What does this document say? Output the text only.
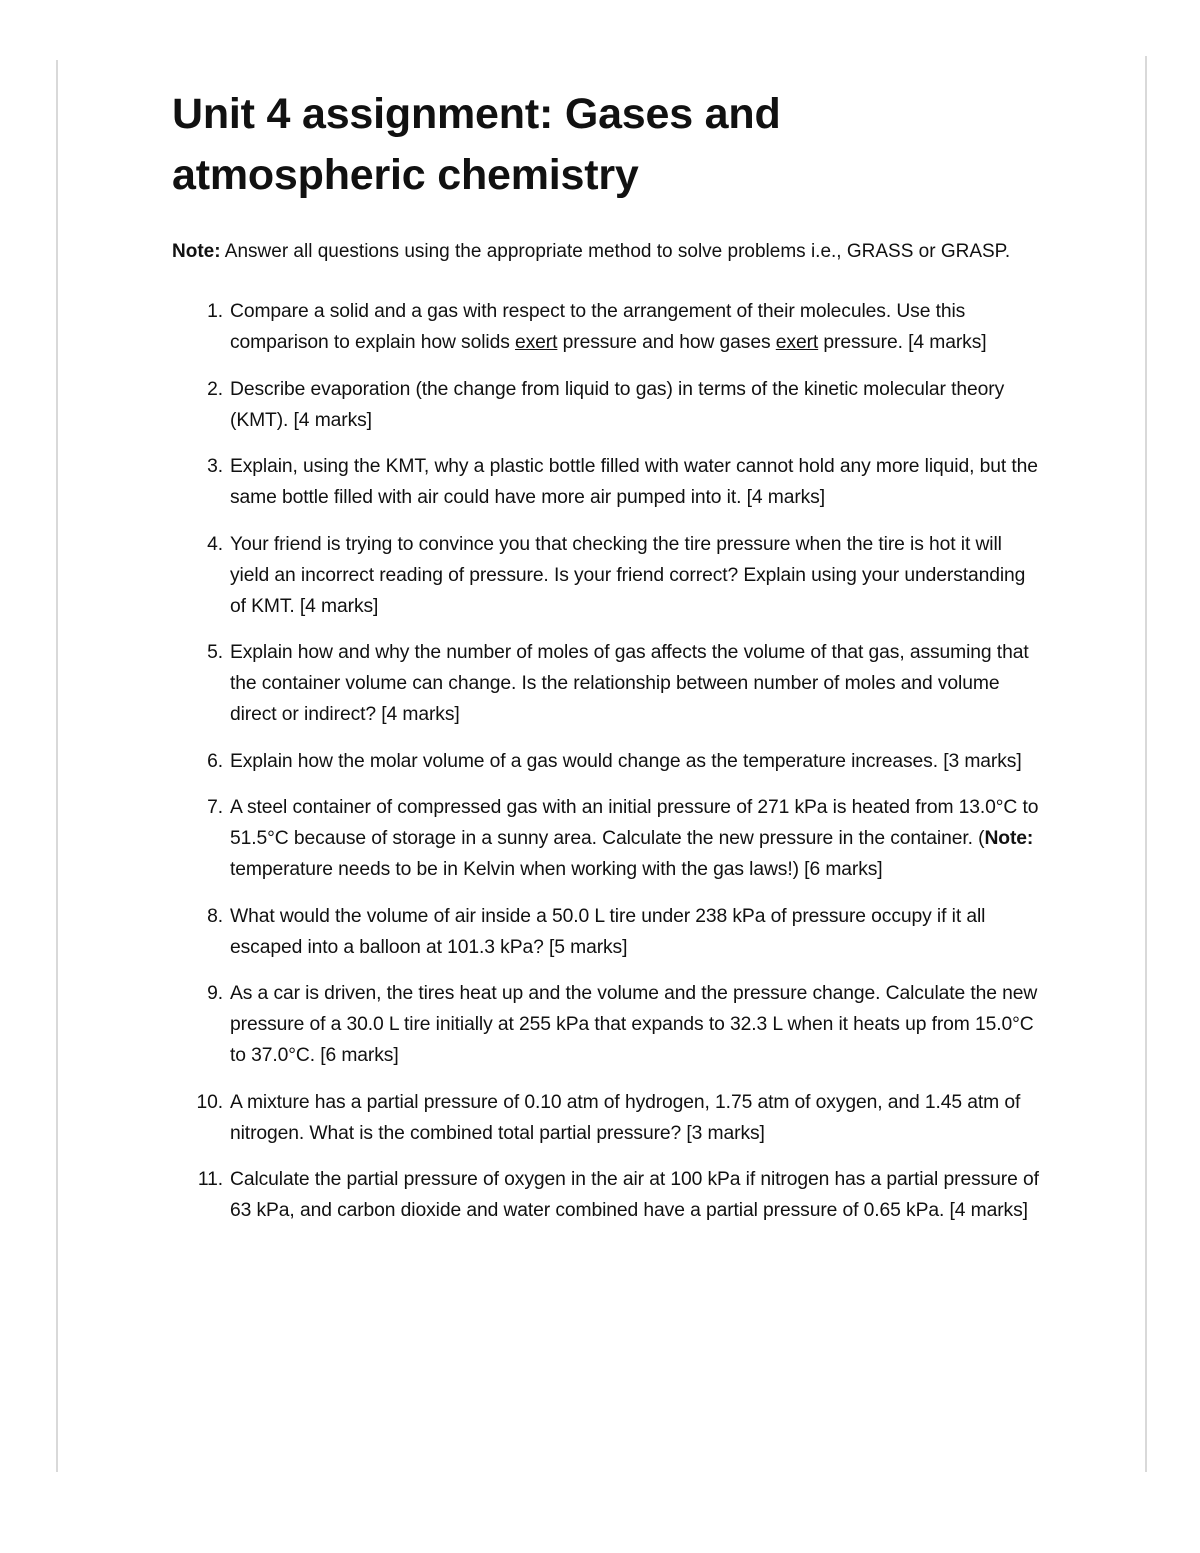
Unit 4 assignment: Gases and atmospheric chemistry

Note: Answer all questions using the appropriate method to solve problems i.e., GRASS or GRASP.

1. Compare a solid and a gas with respect to the arrangement of their molecules. Use this comparison to explain how solids exert pressure and how gases exert pressure. [4 marks]
2. Describe evaporation (the change from liquid to gas) in terms of the kinetic molecular theory (KMT). [4 marks]
3. Explain, using the KMT, why a plastic bottle filled with water cannot hold any more liquid, but the same bottle filled with air could have more air pumped into it. [4 marks]
4. Your friend is trying to convince you that checking the tire pressure when the tire is hot it will yield an incorrect reading of pressure. Is your friend correct? Explain using your understanding of KMT. [4 marks]
5. Explain how and why the number of moles of gas affects the volume of that gas, assuming that the container volume can change. Is the relationship between number of moles and volume direct or indirect? [4 marks]
6. Explain how the molar volume of a gas would change as the temperature increases. [3 marks]
7. A steel container of compressed gas with an initial pressure of 271 kPa is heated from 13.0°C to 51.5°C because of storage in a sunny area. Calculate the new pressure in the container. (Note: temperature needs to be in Kelvin when working with the gas laws!) [6 marks]
8. What would the volume of air inside a 50.0 L tire under 238 kPa of pressure occupy if it all escaped into a balloon at 101.3 kPa? [5 marks]
9. As a car is driven, the tires heat up and the volume and the pressure change. Calculate the new pressure of a 30.0 L tire initially at 255 kPa that expands to 32.3 L when it heats up from 15.0°C to 37.0°C. [6 marks]
10. A mixture has a partial pressure of 0.10 atm of hydrogen, 1.75 atm of oxygen, and 1.45 atm of nitrogen. What is the combined total partial pressure? [3 marks]
11. Calculate the partial pressure of oxygen in the air at 100 kPa if nitrogen has a partial pressure of 63 kPa, and carbon dioxide and water combined have a partial pressure of 0.65 kPa. [4 marks]
